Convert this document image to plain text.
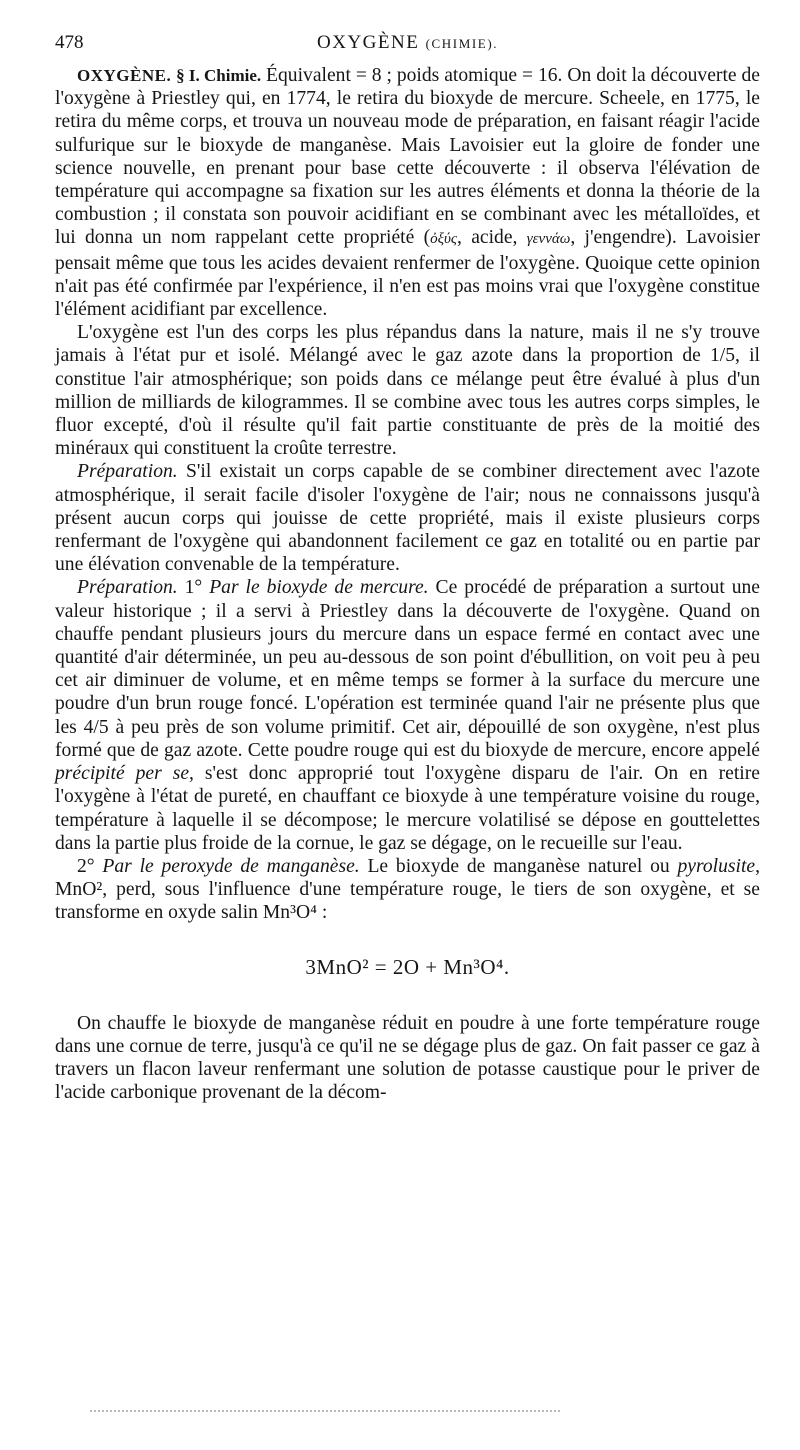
478	OXYGÈNE (CHIMIE).

OXYGÈNE. § I. Chimie. Équivalent = 8 ; poids atomique = 16. On doit la découverte de l'oxygène à Priestley qui, en 1774, le retira du bioxyde de mercure. Scheele, en 1775, le retira du même corps, et trouva un nouveau mode de préparation, en faisant réagir l'acide sulfurique sur le bioxyde de manganèse. Mais Lavoisier eut la gloire de fonder une science nouvelle, en prenant pour base cette découverte : il observa l'élévation de température qui accompagne sa fixation sur les autres éléments et donna la théorie de la combustion ; il constata son pouvoir acidifiant en se combinant avec les métalloïdes, et lui donna un nom rappelant cette propriété (ὀξύς, acide, γεννάω, j'engendre). Lavoisier pensait même que tous les acides devaient renfermer de l'oxygène. Quoique cette opinion n'ait pas été confirmée par l'expérience, il n'en est pas moins vrai que l'oxygène constitue l'élément acidifiant par excellence.

L'oxygène est l'un des corps les plus répandus dans la nature, mais il ne s'y trouve jamais à l'état pur et isolé. Mélangé avec le gaz azote dans la proportion de 1/5, il constitue l'air atmosphérique; son poids dans ce mélange peut être évalué à plus d'un million de milliards de kilogrammes. Il se combine avec tous les autres corps simples, le fluor excepté, d'où il résulte qu'il fait partie constituante de près de la moitié des minéraux qui constituent la croûte terrestre.

Préparation. S'il existait un corps capable de se combiner directement avec l'azote atmosphérique, il serait facile d'isoler l'oxygène de l'air; nous ne connaissons jusqu'à présent aucun corps qui jouisse de cette propriété, mais il existe plusieurs corps renfermant de l'oxygène qui abandonnent facilement ce gaz en totalité ou en partie par une élévation convenable de la température.

Préparation. 1° Par le bioxyde de mercure. Ce procédé de préparation a surtout une valeur historique ; il a servi à Priestley dans la découverte de l'oxygène. Quand on chauffe pendant plusieurs jours du mercure dans un espace fermé en contact avec une quantité d'air déterminée, un peu au-dessous de son point d'ébullition, on voit peu à peu cet air diminuer de volume, et en même temps se former à la surface du mercure une poudre d'un brun rouge foncé. L'opération est terminée quand l'air ne présente plus que les 4/5 à peu près de son volume primitif. Cet air, dépouillé de son oxygène, n'est plus formé que de gaz azote. Cette poudre rouge qui est du bioxyde de mercure, encore appelé précipité per se, s'est donc approprié tout l'oxygène disparu de l'air. On en retire l'oxygène à l'état de pureté, en chauffant ce bioxyde à une température voisine du rouge, température à laquelle il se décompose; le mercure volatilisé se dépose en gouttelettes dans la partie plus froide de la cornue, le gaz se dégage, on le recueille sur l'eau.

2° Par le peroxyde de manganèse. Le bioxyde de manganèse naturel ou pyrolusite, MnO², perd, sous l'influence d'une température rouge, le tiers de son oxygène, et se transforme en oxyde salin Mn³O⁴ :

3MnO² = 2O + Mn³O⁴.

On chauffe le bioxyde de manganèse réduit en poudre à une forte température rouge dans une cornue de terre, jusqu'à ce qu'il ne se dégage plus de gaz. On fait passer ce gaz à travers un flacon laveur renfermant une solution de potasse caustique pour le priver de l'acide carbonique provenant de la décom-
